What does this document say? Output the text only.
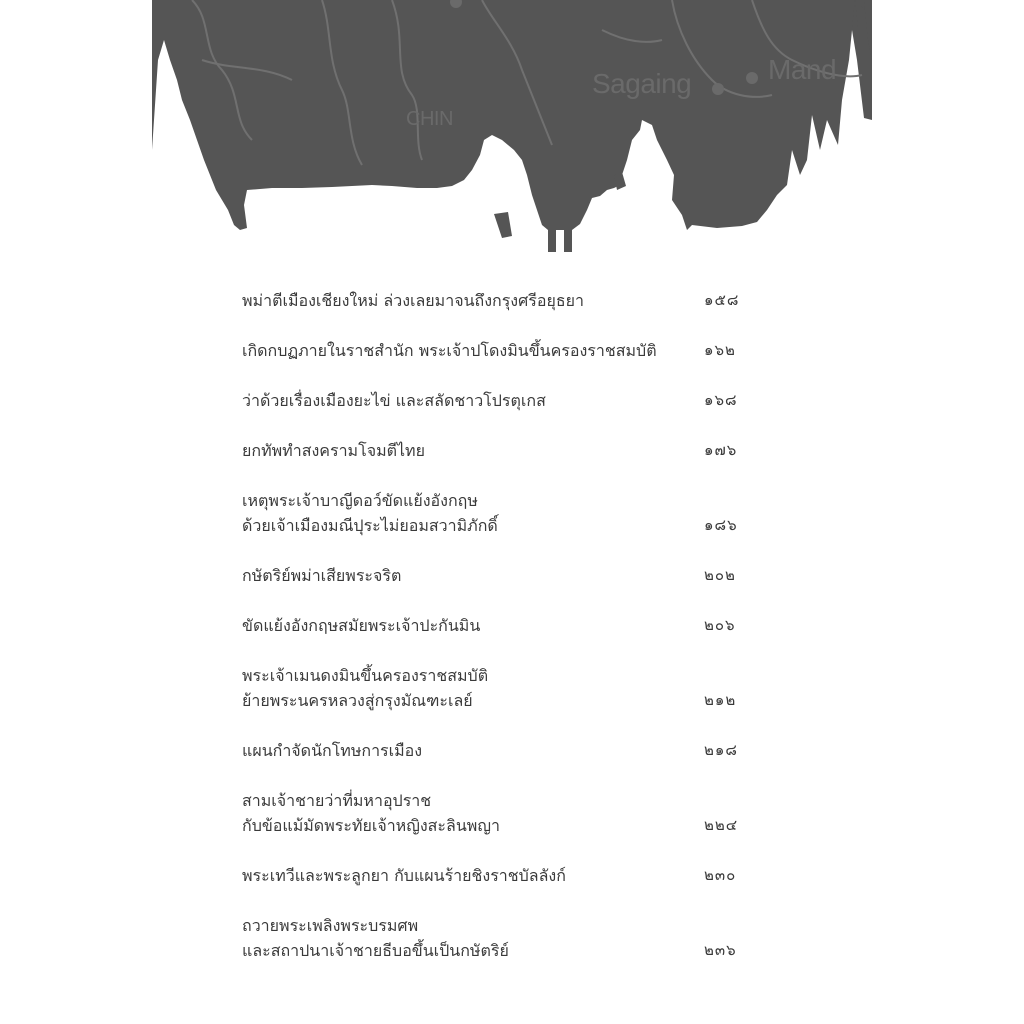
Sagaing	Mand
CHIN
พม่าตีเมืองเชียงใหม่ ล่วงเลยมาจนถึงกรุงศรีอยุธยา	๑๕๘
เกิดกบฏภายในราชสำนัก พระเจ้าปโดงมินขึ้นครองราชสมบัติ	๑๖๒
ว่าด้วยเรื่องเมืองยะไข่ และสลัดชาวโปรตุเกส	๑๖๘
ยกทัพทำสงครามโจมตีไทย	๑๗๖
เหตุพระเจ้าบาญีดอว์ขัดแย้งอังกฤษ
ด้วยเจ้าเมืองมณีปุระไม่ยอมสวามิภักดิ์	๑๘๖
กษัตริย์พม่าเสียพระจริต	๒๐๒
ขัดแย้งอังกฤษสมัยพระเจ้าปะกันมิน	๒๐๖
พระเจ้าเมนดงมินขึ้นครองราชสมบัติ
ย้ายพระนครหลวงสู่กรุงมัณฑะเลย์	๒๑๒
แผนกำจัดนักโทษการเมือง	๒๑๘
สามเจ้าชายว่าที่มหาอุปราช
กับข้อแม้มัดพระทัยเจ้าหญิงสะลินพญา	๒๒๔
พระเทวีและพระลูกยา กับแผนร้ายชิงราชบัลลังก์	๒๓๐
ถวายพระเพลิงพระบรมศพ
และสถาปนาเจ้าชายธีบอขึ้นเป็นกษัตริย์	๒๓๖
